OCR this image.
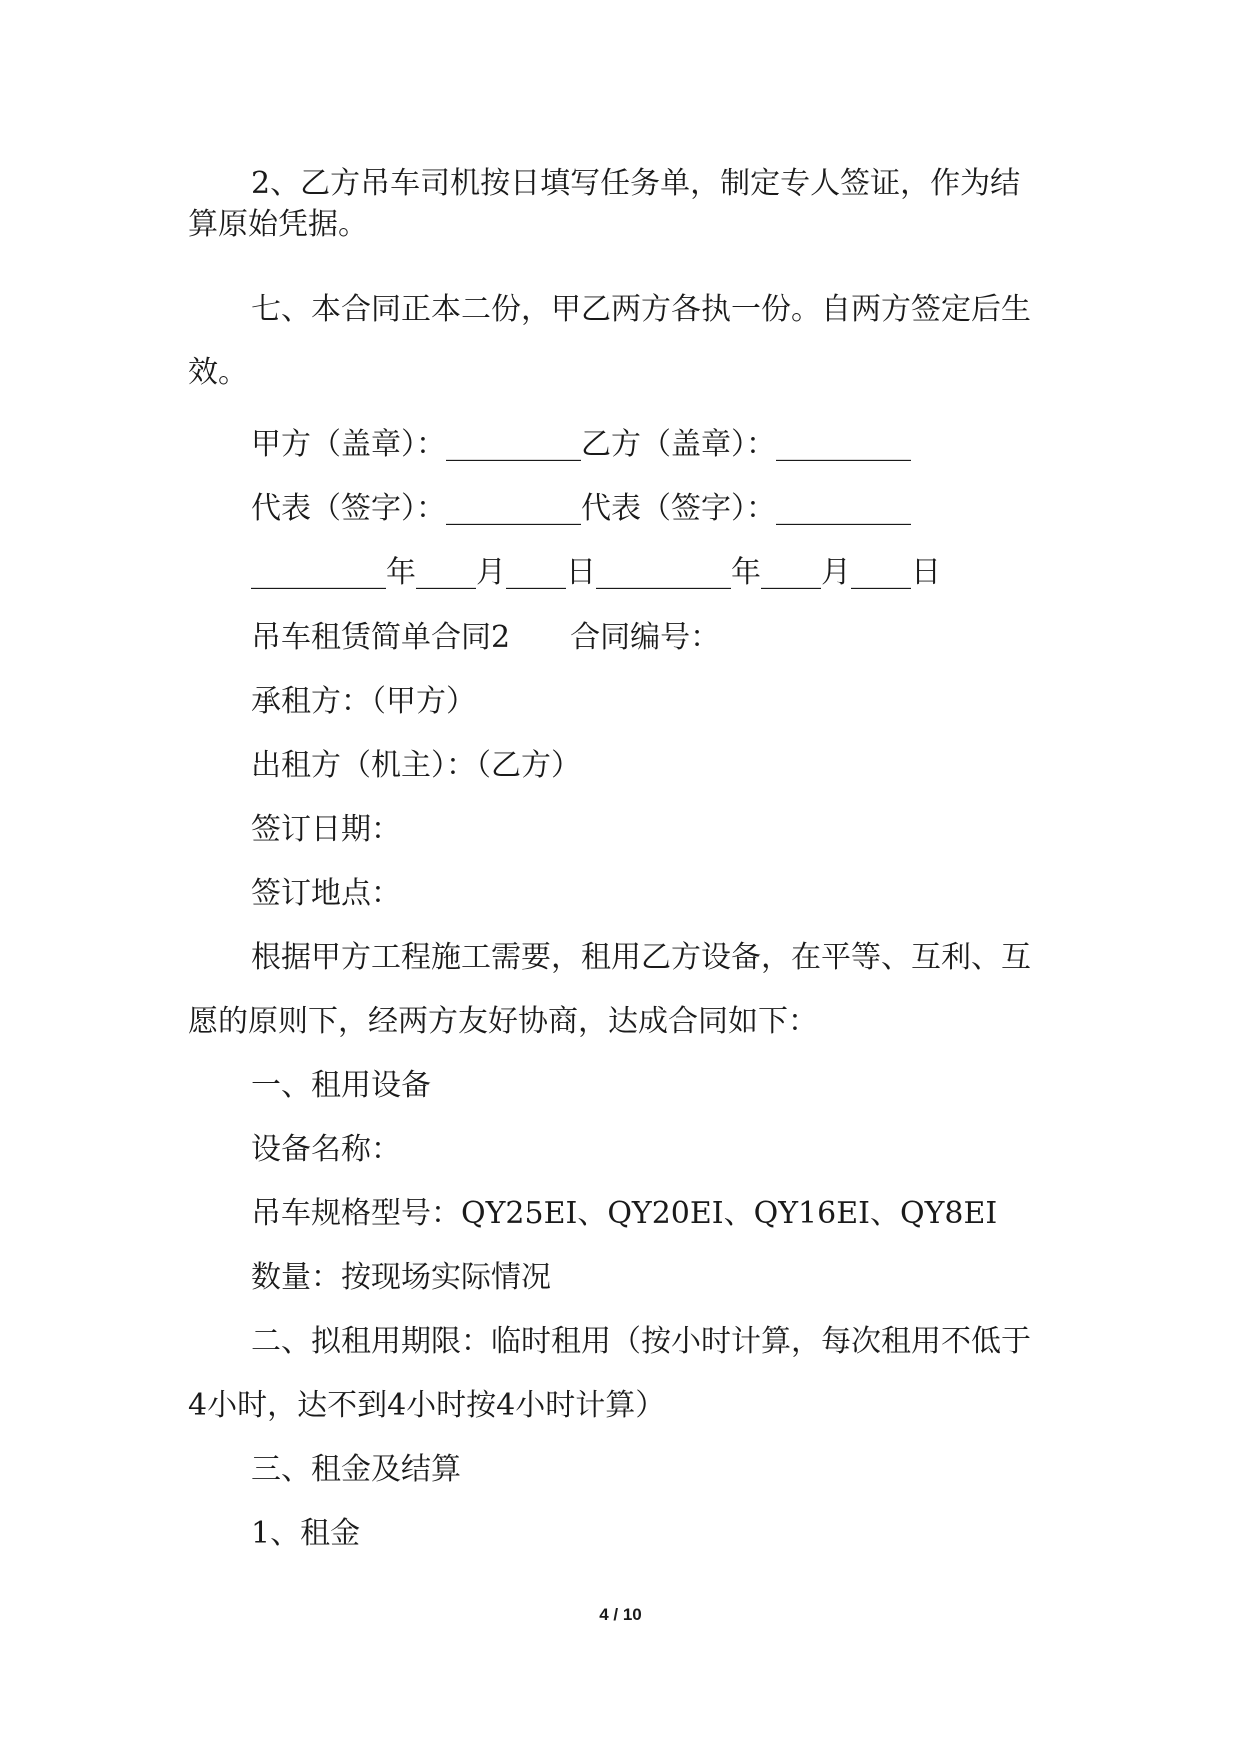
2、乙方吊车司机按日填写任务单，制定专人签证，作为结
算原始凭据。
七、本合同正本二份，甲乙两方各执一份。自两方签定后生
效。
甲方（盖章）：_________乙方（盖章）：_________
代表（签字）：_________代表（签字）：_________
_________年____月____日_________年____月____日
吊车租赁简单合同2　　合同编号：
承租方：（甲方）
出租方（机主）：（乙方）
签订日期：
签订地点：
根据甲方工程施工需要，租用乙方设备，在平等、互利、互
愿的原则下，经两方友好协商，达成合同如下：
一、租用设备
设备名称：
吊车规格型号：QY25EI、QY20EI、QY16EI、QY8EI
数量：按现场实际情况
二、拟租用期限：临时租用（按小时计算，每次租用不低于
4小时，达不到4小时按4小时计算）
三、租金及结算
1、租金
4 / 10
